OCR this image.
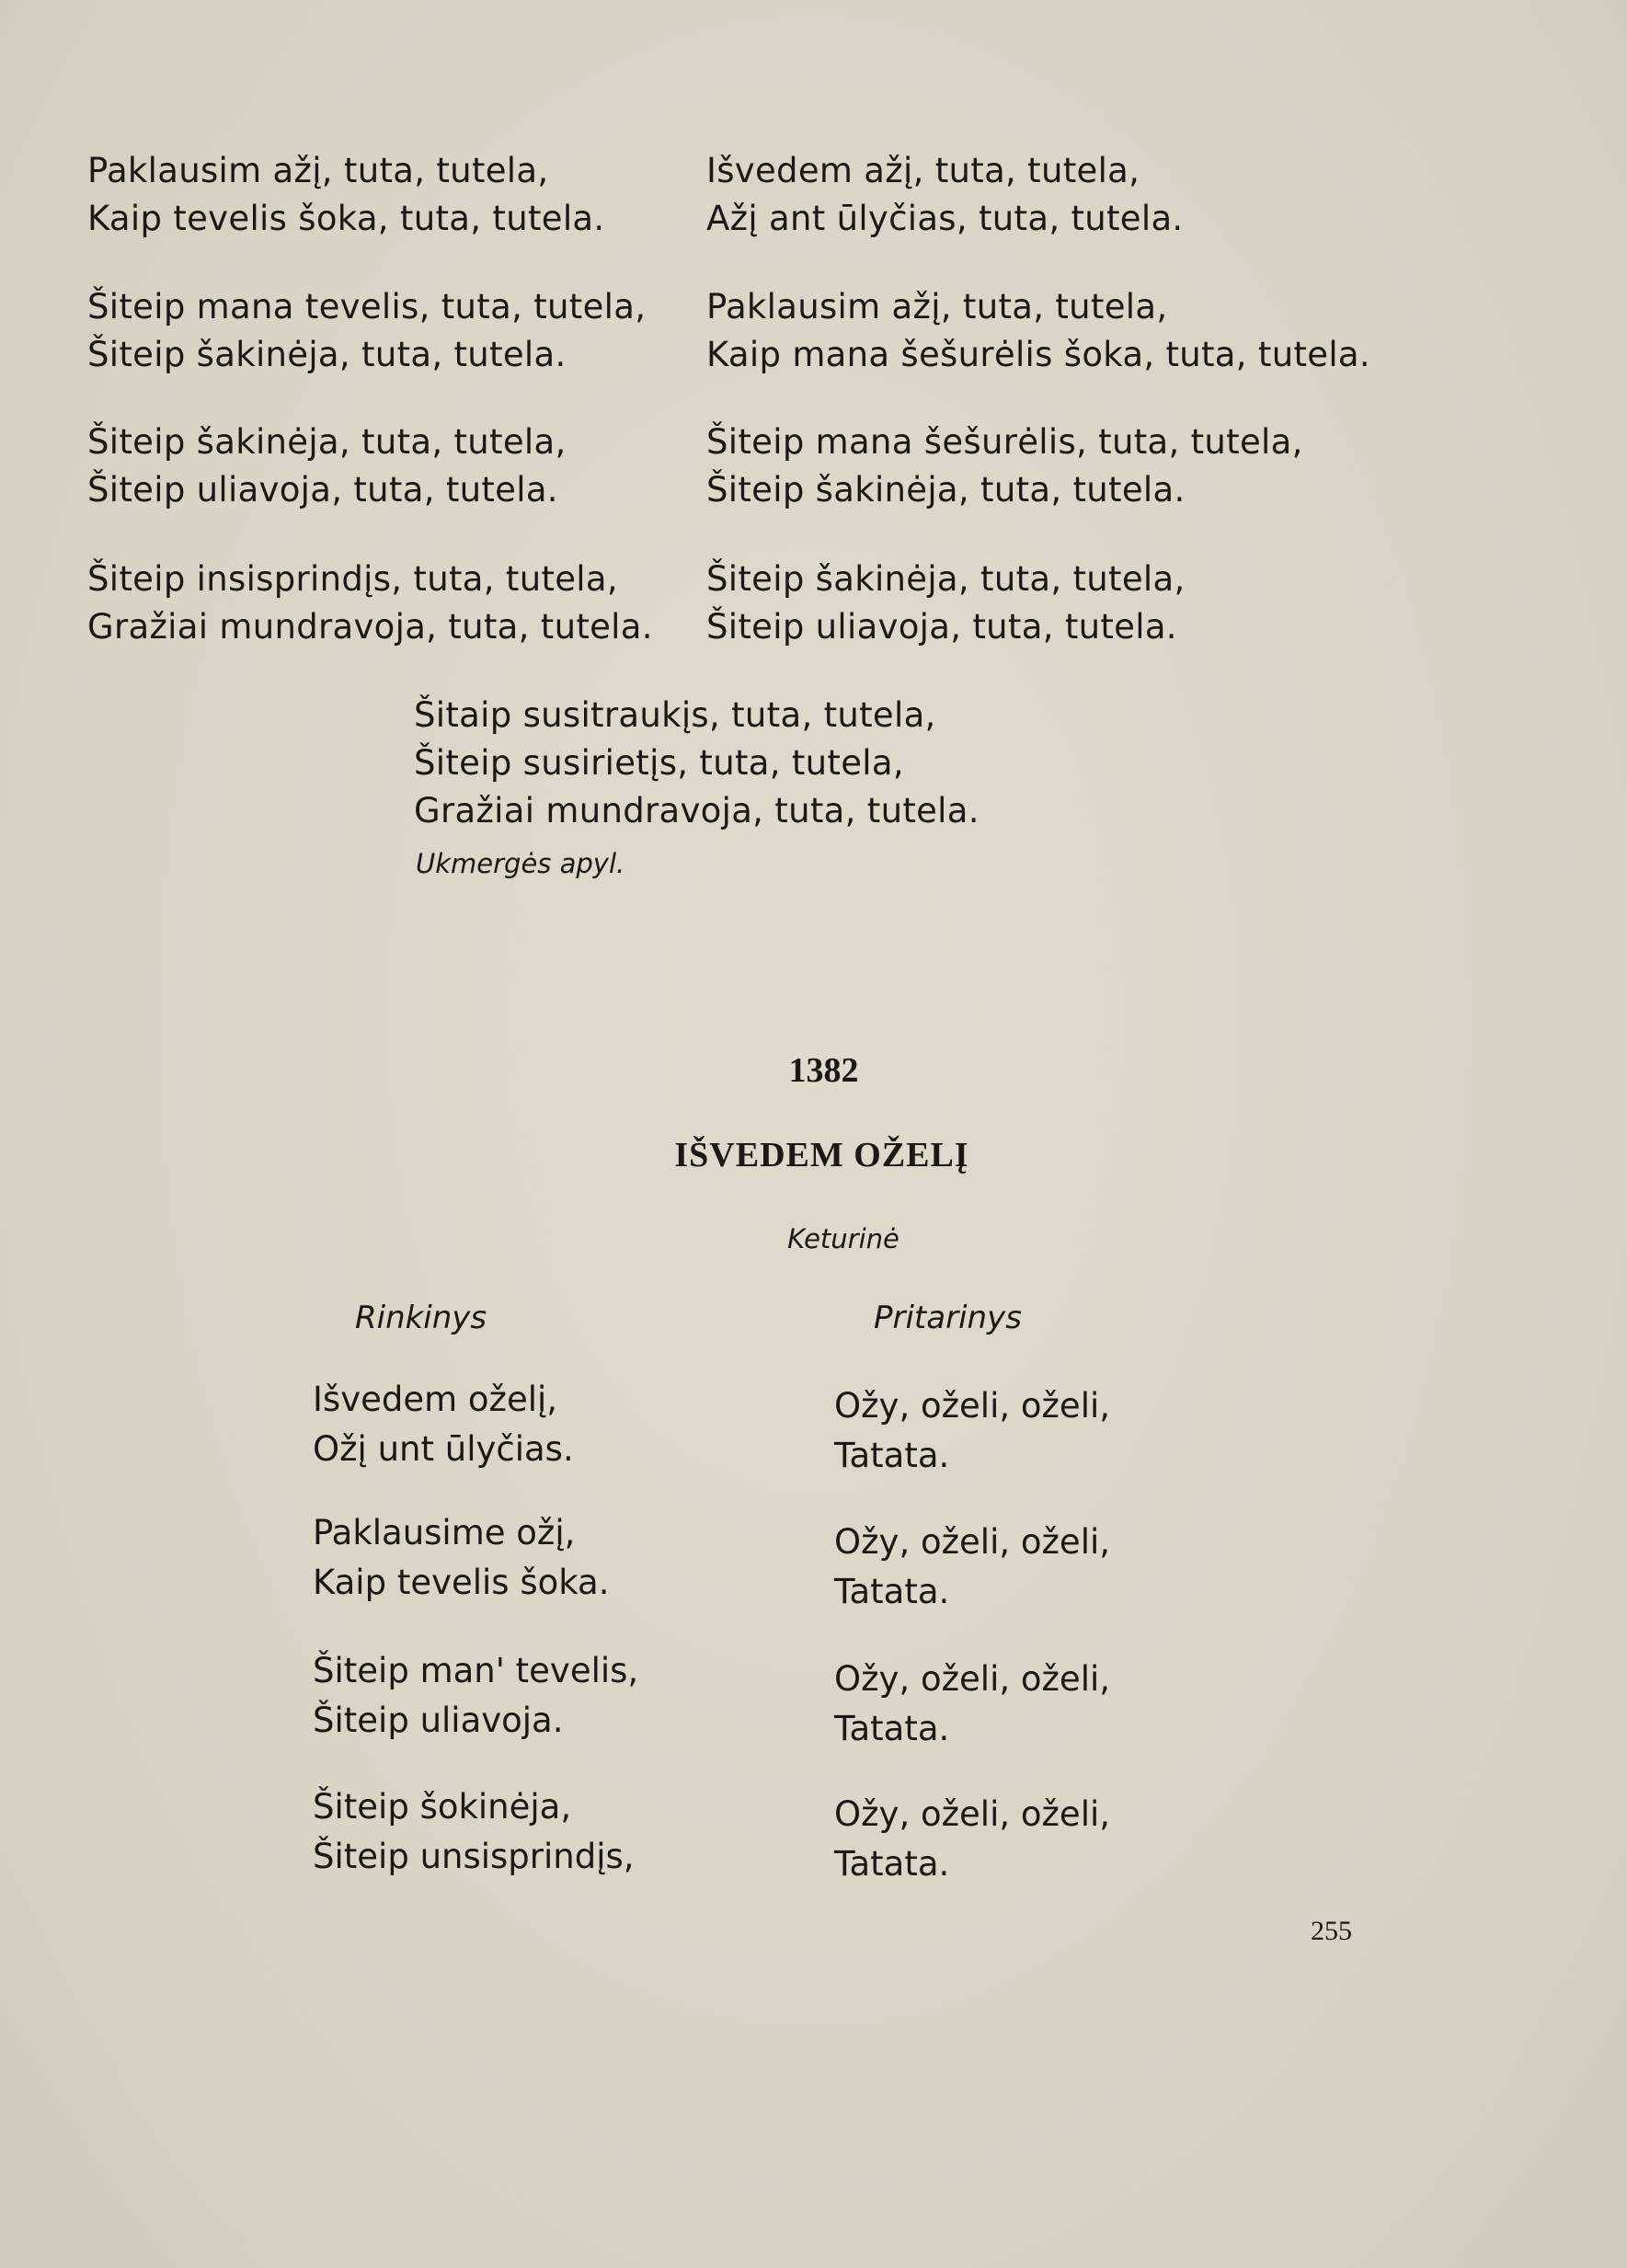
Paklausim ažį, tuta, tutela,
Kaip tevelis šoka, tuta, tutela.
Šiteip mana tevelis, tuta, tutela,
Šiteip šakinėja, tuta, tutela.
Šiteip šakinėja, tuta, tutela,
Šiteip uliavoja, tuta, tutela.
Šiteip insisprindįs, tuta, tutela,
Gražiai mundravoja, tuta, tutela.
Išvedem ažį, tuta, tutela,
Ažį ant ūlyčias, tuta, tutela.
Paklausim ažį, tuta, tutela,
Kaip mana šešurėlis šoka, tuta, tutela.
Šiteip mana šešurėlis, tuta, tutela,
Šiteip šakinėja, tuta, tutela.
Šiteip šakinėja, tuta, tutela,
Šiteip uliavoja, tuta, tutela.
Šitaip susitraukįs, tuta, tutela,
Šiteip susirietįs, tuta, tutela,
Gražiai mundravoja, tuta, tutela.
Ukmergės apyl.
1382
IŠVEDEM OŽELĮ
Keturinė
Rinkinys	Pritarinys
Išvedem oželį,
Ožį unt ūlyčias.
Paklausime ožį,
Kaip tevelis šoka.
Šiteip man' tevelis,
Šiteip uliavoja.
Šiteip šokinėja,
Šiteip unsisprindįs,
Ožy, oželi, oželi,
Tatata.
Ožy, oželi, oželi,
Tatata.
Ožy, oželi, oželi,
Tatata.
Ožy, oželi, oželi,
Tatata.
255
